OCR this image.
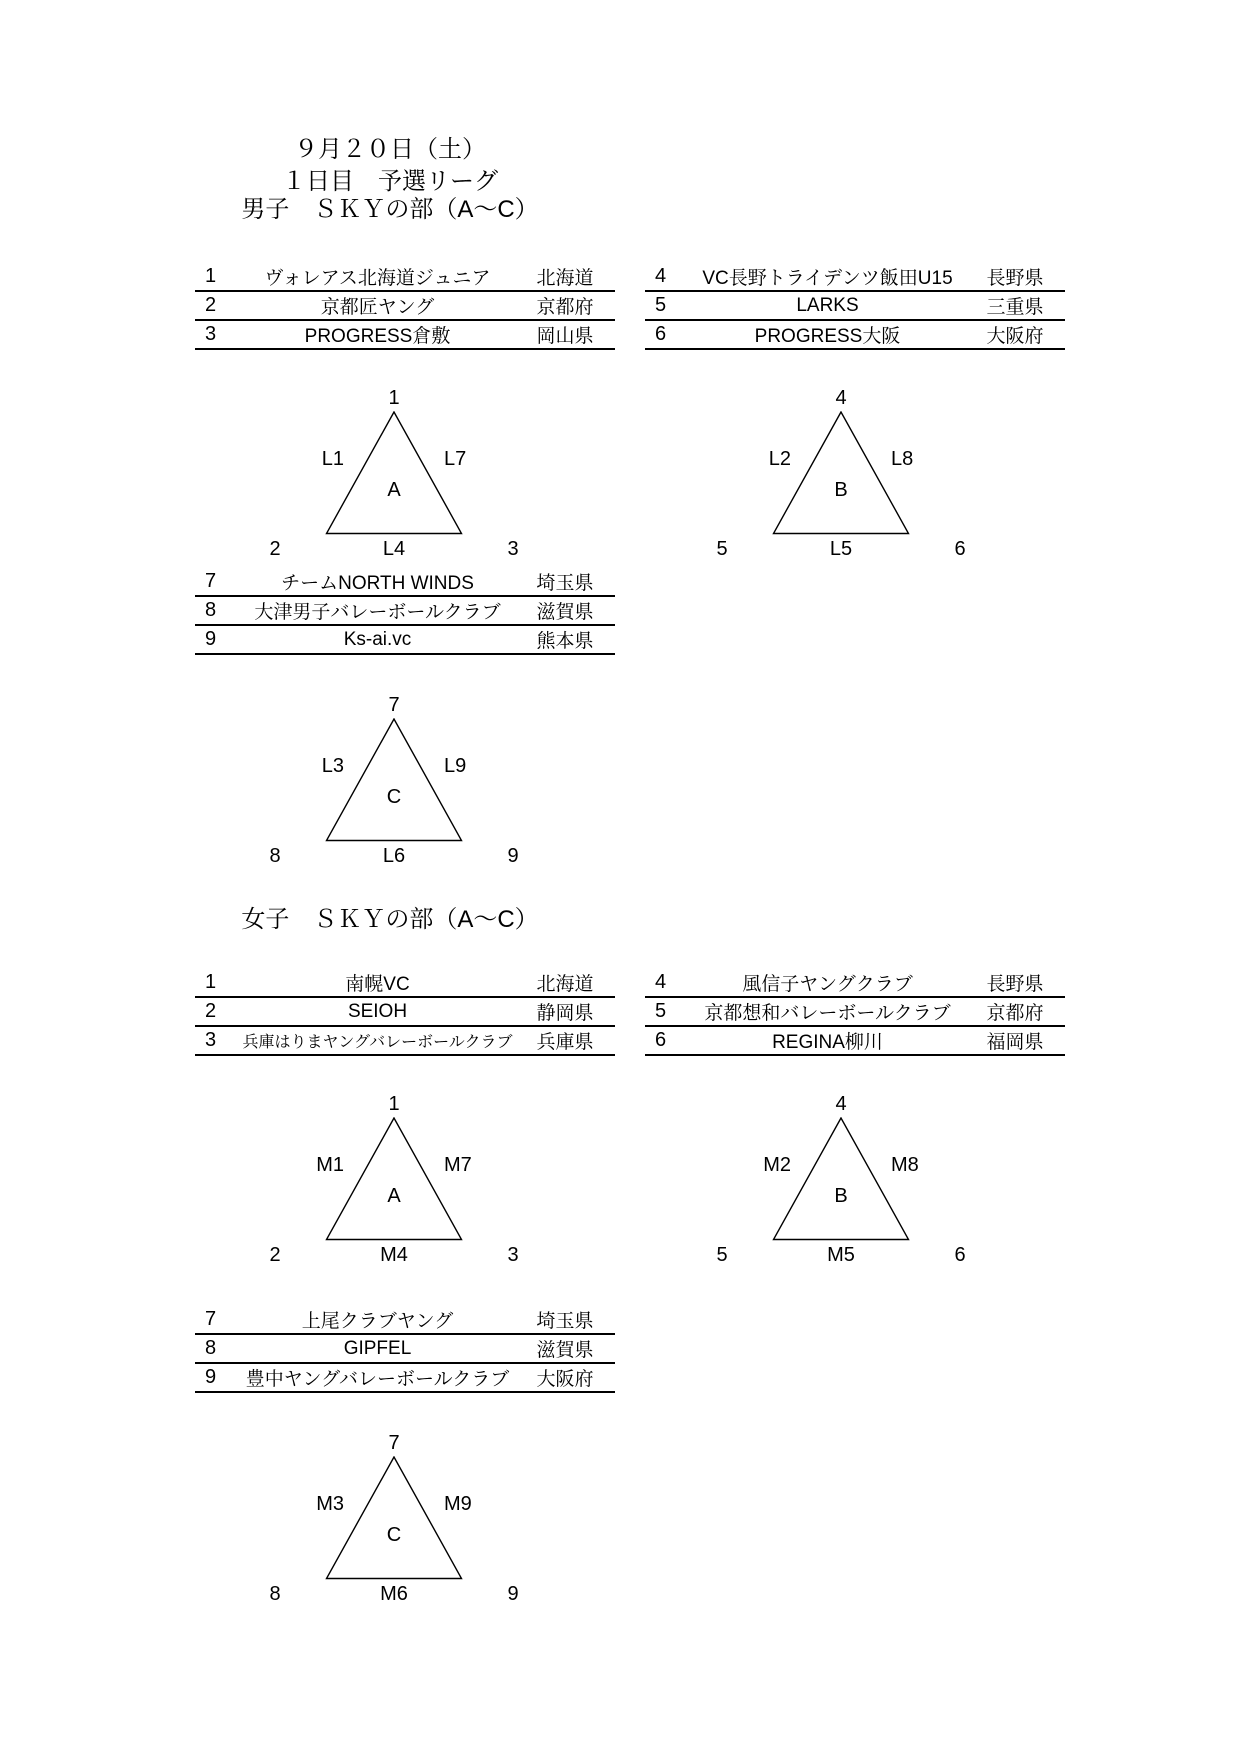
９月２０日（土）
１日目　予選リーグ
男子　ＳＫＹの部（A～C）
1	ヴォレアス北海道ジュニア	北海道
2	京都匠ヤング	京都府
3	PROGRESS倉敷	岡山県
4	VC長野トライデンツ飯田U15	長野県
5	LARKS	三重県
6	PROGRESS大阪	大阪府
1
L1	L7
A
2	L4	3
4
L2	L8
B
5	L5	6
7	チームNORTH WINDS	埼玉県
8	大津男子バレーボールクラブ	滋賀県
9	Ks-ai.vc	熊本県
7
L3	L9
C
8	L6	9
女子　ＳＫＹの部（A～C）
1	南幌VC	北海道
2	SEIOH	静岡県
3	兵庫はりまヤングバレーボールクラブ	兵庫県
4	風信子ヤングクラブ	長野県
5	京都想和バレーボールクラブ	京都府
6	REGINA柳川	福岡県
1
M1	M7
A
2	M4	3
4
M2	M8
B
5	M5	6
7	上尾クラブヤング	埼玉県
8	GIPFEL	滋賀県
9	豊中ヤングバレーボールクラブ	大阪府
7
M3	M9
C
8	M6	9
